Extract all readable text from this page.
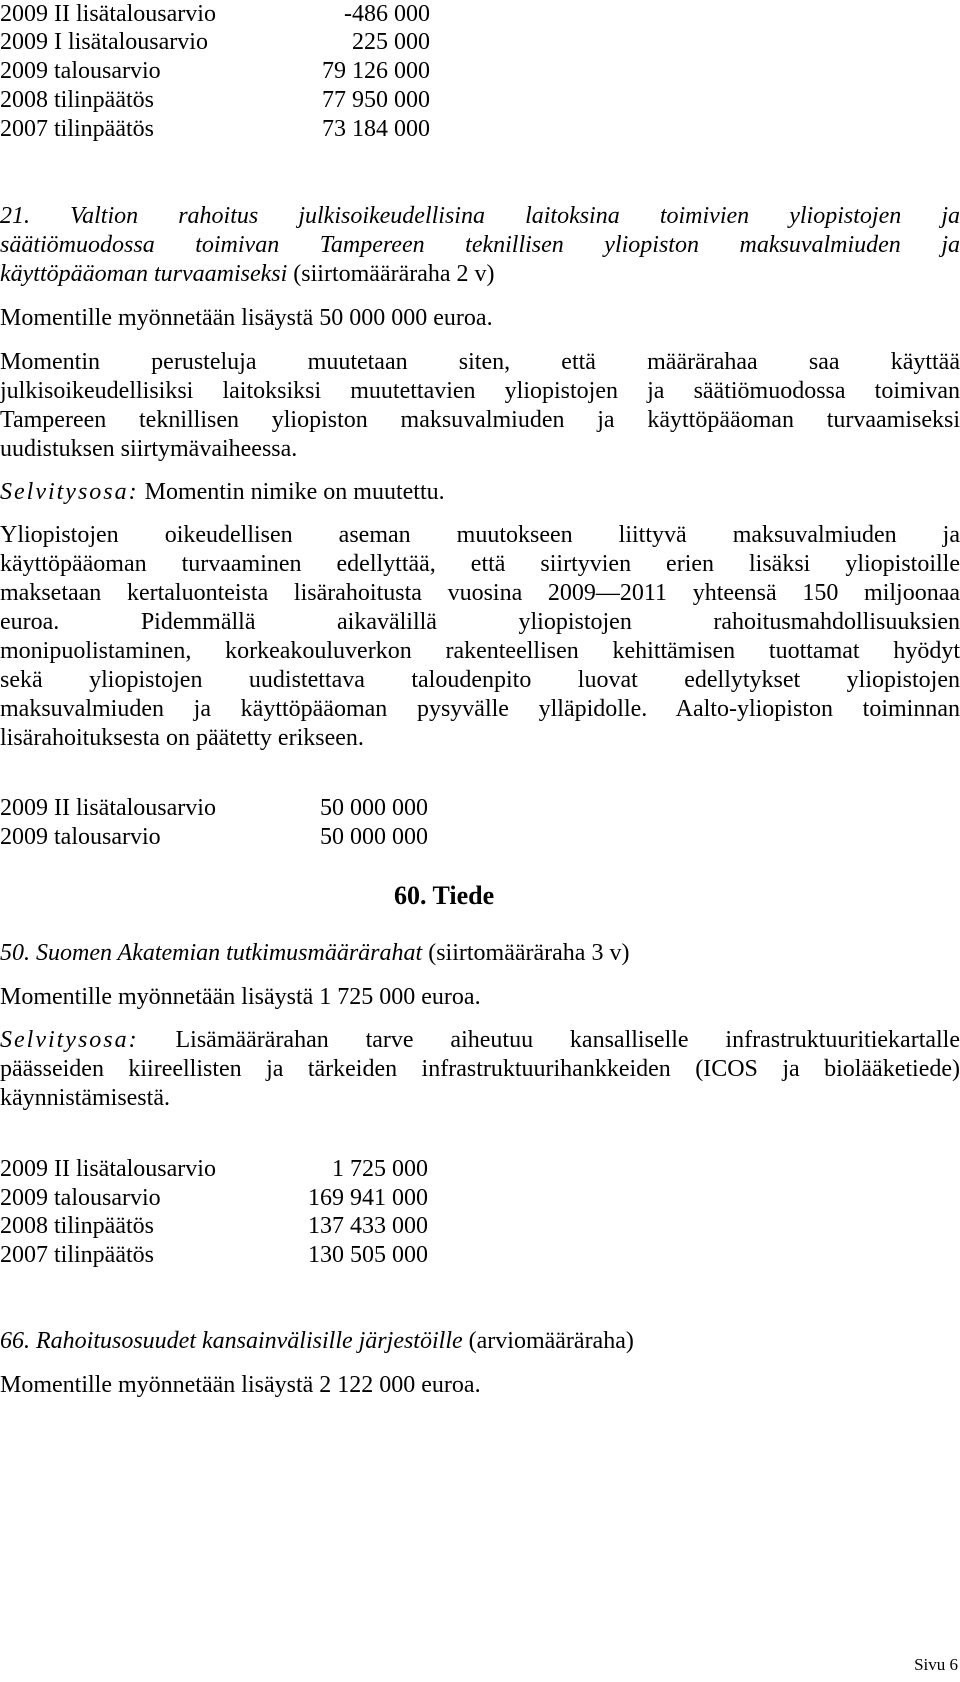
2009 II lisätalousarvio	-486 000
2009 I lisätalousarvio	225 000
2009 talousarvio	79 126 000
2008 tilinpäätös	77 950 000
2007 tilinpäätös	73 184 000
21. Valtion rahoitus julkisoikeudellisina laitoksina toimivien yliopistojen ja
säätiömuodossa toimivan Tampereen teknillisen yliopiston maksuvalmiuden ja
käyttöpääoman turvaamiseksi (siirtomääräraha 2 v)
Momentille myönnetään lisäystä 50 000 000 euroa.
Momentin perusteluja muutetaan siten, että määrärahaa saa käyttää
julkisoikeudellisiksi laitoksiksi muutettavien yliopistojen ja säätiömuodossa toimivan
Tampereen teknillisen yliopiston maksuvalmiuden ja käyttöpääoman turvaamiseksi
uudistuksen siirtymävaiheessa.
Selvitysosa: Momentin nimike on muutettu.
Yliopistojen oikeudellisen aseman muutokseen liittyvä maksuvalmiuden ja
käyttöpääoman turvaaminen edellyttää, että siirtyvien erien lisäksi yliopistoille
maksetaan kertaluonteista lisärahoitusta vuosina 2009—2011 yhteensä 150 miljoonaa
euroa. Pidemmällä aikavälillä yliopistojen rahoitusmahdollisuuksien
monipuolistaminen, korkeakouluverkon rakenteellisen kehittämisen tuottamat hyödyt
sekä yliopistojen uudistettava taloudenpito luovat edellytykset yliopistojen
maksuvalmiuden ja käyttöpääoman pysyvälle ylläpidolle. Aalto-yliopiston toiminnan
lisärahoituksesta on päätetty erikseen.
2009 II lisätalousarvio	50 000 000
2009 talousarvio	50 000 000
60. Tiede
50. Suomen Akatemian tutkimusmäärärahat (siirtomääräraha 3 v)
Momentille myönnetään lisäystä 1 725 000 euroa.
Selvitysosa: Lisämäärärahan tarve aiheutuu kansalliselle infrastruktuuritiekartalle
päässeiden kiireellisten ja tärkeiden infrastruktuurihankkeiden (ICOS ja biolääketiede)
käynnistämisestä.
2009 II lisätalousarvio	1 725 000
2009 talousarvio	169 941 000
2008 tilinpäätös	137 433 000
2007 tilinpäätös	130 505 000
66. Rahoitusosuudet kansainvälisille järjestöille (arviomääräraha)
Momentille myönnetään lisäystä 2 122 000 euroa.
Sivu 6
